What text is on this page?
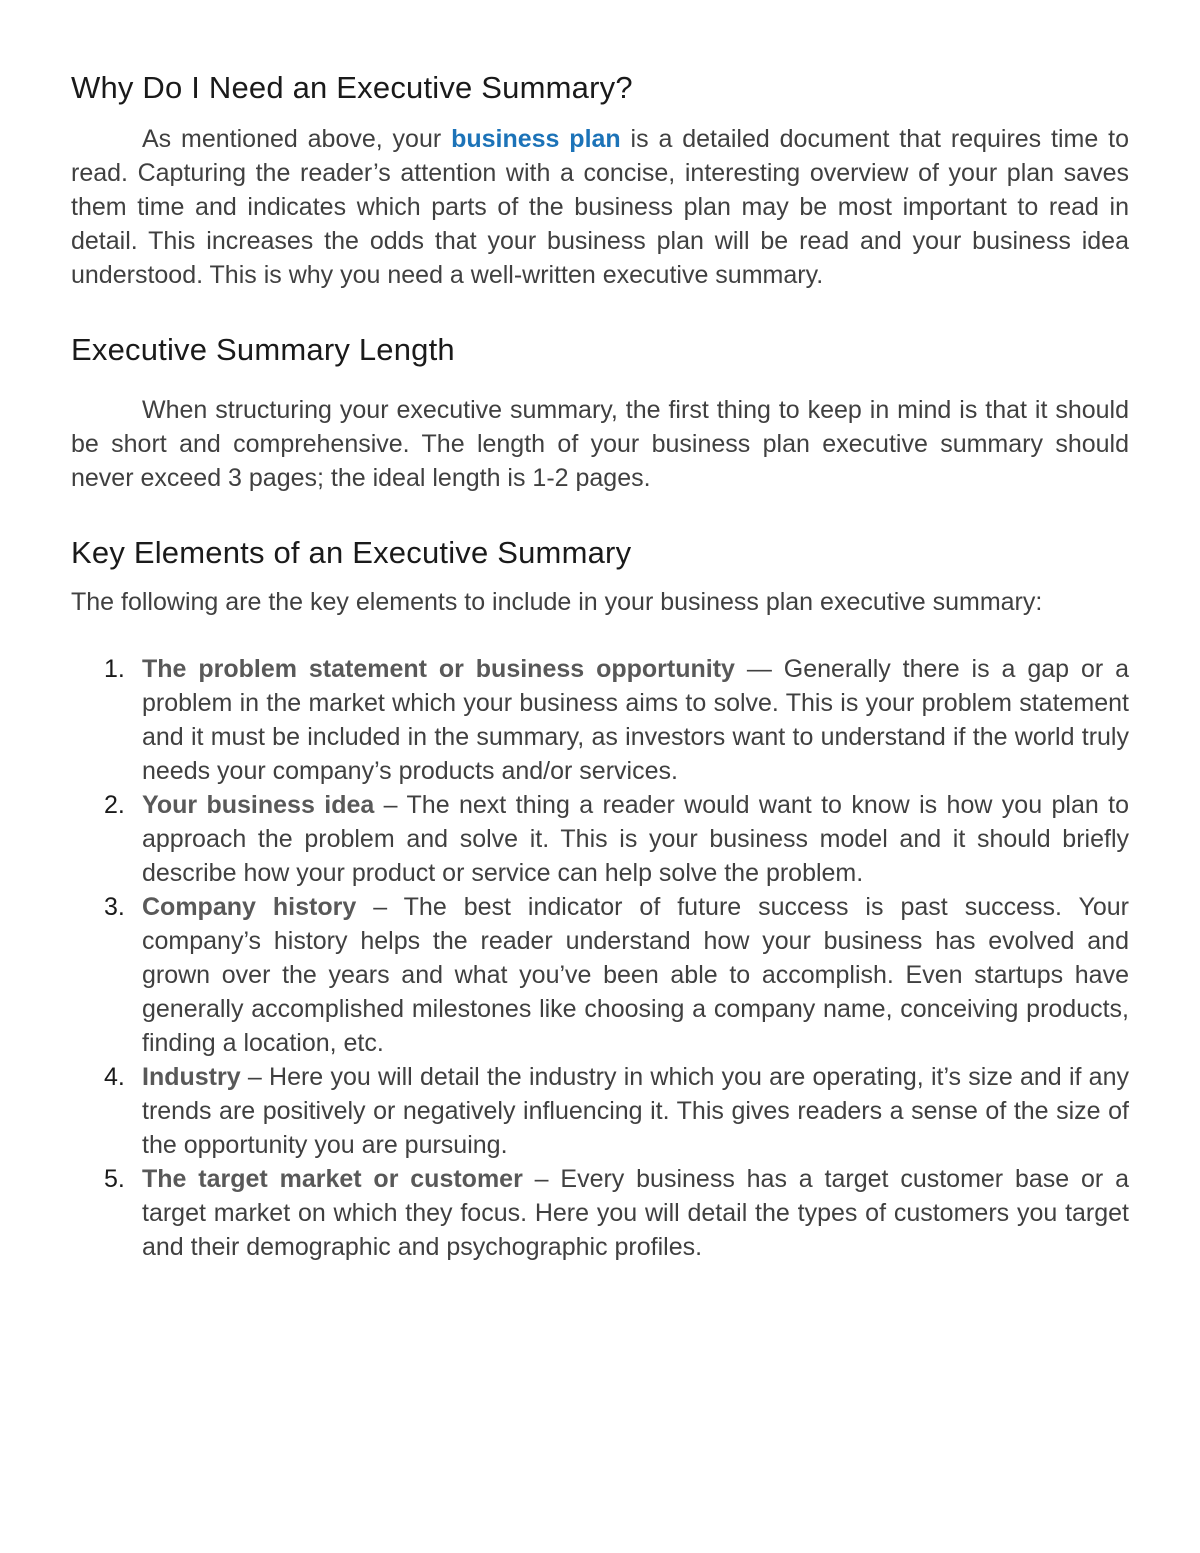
Why Do I Need an Executive Summary?

As mentioned above, your business plan is a detailed document that requires time to read. Capturing the reader’s attention with a concise, interesting overview of your plan saves them time and indicates which parts of the business plan may be most important to read in detail. This increases the odds that your business plan will be read and your business idea understood. This is why you need a well-written executive summary.

Executive Summary Length

When structuring your executive summary, the first thing to keep in mind is that it should be short and comprehensive. The length of your business plan executive summary should never exceed 3 pages; the ideal length is 1-2 pages.

Key Elements of an Executive Summary

The following are the key elements to include in your business plan executive summary:

1. The problem statement or business opportunity — Generally there is a gap or a problem in the market which your business aims to solve. This is your problem statement and it must be included in the summary, as investors want to understand if the world truly needs your company’s products and/or services.
2. Your business idea – The next thing a reader would want to know is how you plan to approach the problem and solve it. This is your business model and it should briefly describe how your product or service can help solve the problem.
3. Company history – The best indicator of future success is past success. Your company’s history helps the reader understand how your business has evolved and grown over the years and what you’ve been able to accomplish. Even startups have generally accomplished milestones like choosing a company name, conceiving products, finding a location, etc.
4. Industry – Here you will detail the industry in which you are operating, it’s size and if any trends are positively or negatively influencing it. This gives readers a sense of the size of the opportunity you are pursuing.
5. The target market or customer – Every business has a target customer base or a target market on which they focus. Here you will detail the types of customers you target and their demographic and psychographic profiles.
